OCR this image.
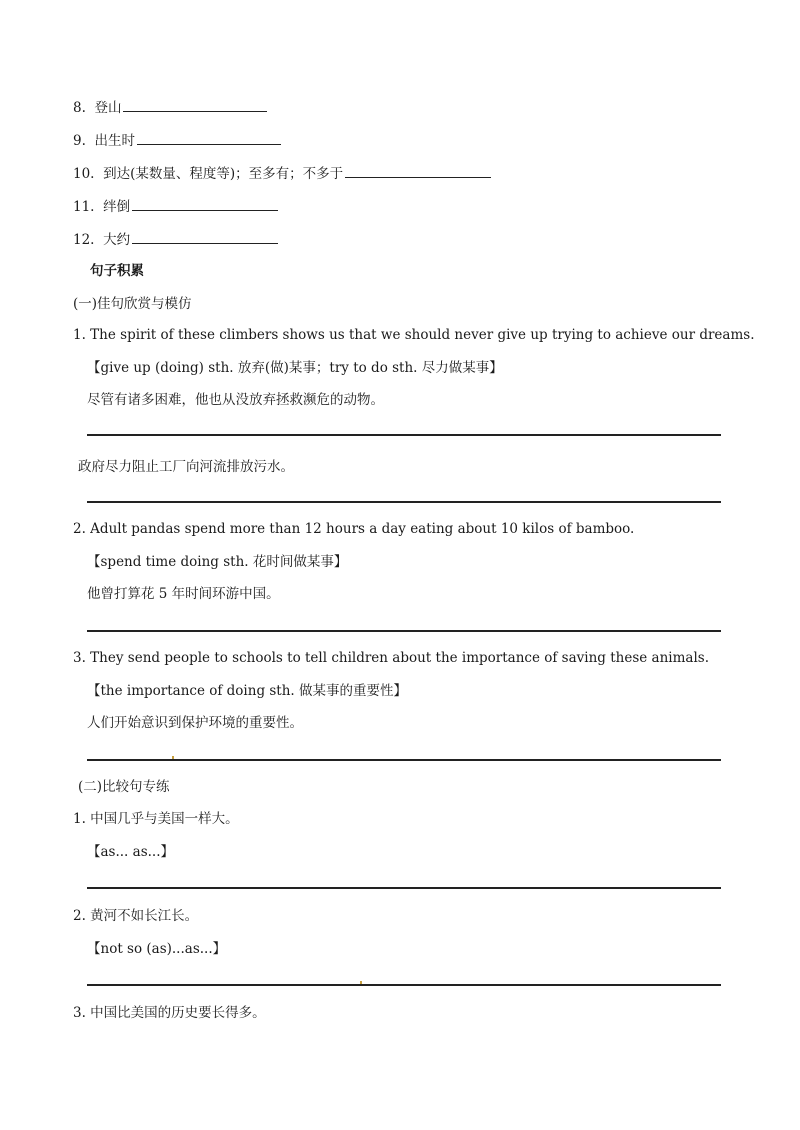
8. 登山
9. 出生时
10. 到达(某数量、程度等)；至多有；不多于
11. 绊倒
12. 大约
句子积累
(一)佳句欣赏与模仿
1. The spirit of these climbers shows us that we should never give up trying to achieve our dreams.
【give up (doing) sth. 放弃(做)某事；try to do sth. 尽力做某事】
尽管有诸多困难，他也从没放弃拯救濒危的动物。
政府尽力阻止工厂向河流排放污水。
2. Adult pandas spend more than 12 hours a day eating about 10 kilos of bamboo.
【spend time doing sth. 花时间做某事】
他曾打算花 5 年时间环游中国。
3. They send people to schools to tell children about the importance of saving these animals.
【the importance of doing sth. 做某事的重要性】
人们开始意识到保护环境的重要性。
(二)比较句专练
1. 中国几乎与美国一样大。
【as... as...】
2. 黄河不如长江长。
【not so (as)...as...】
3. 中国比美国的历史要长得多。
